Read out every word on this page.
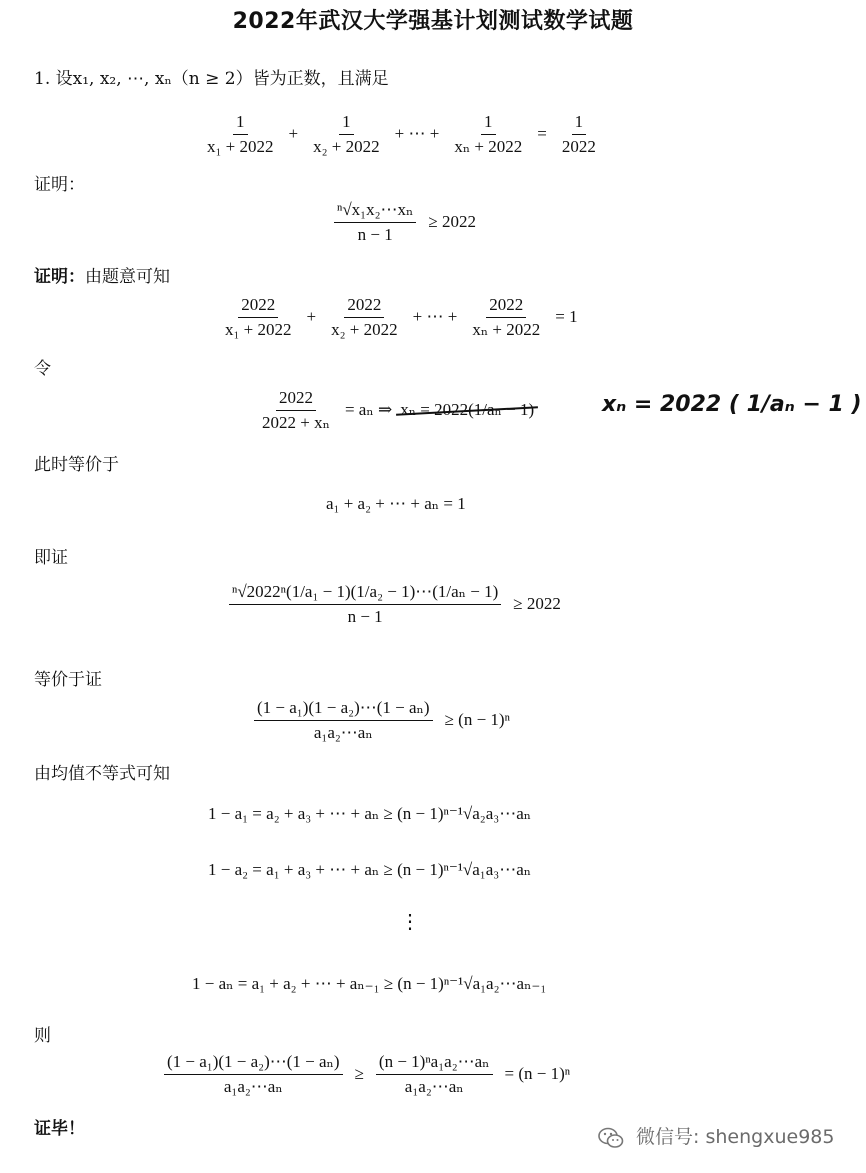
2022年武汉大学强基计划测试数学试题
1. 设x₁, x₂, ⋯, xₙ（n ≥ 2）皆为正数，且满足
$\frac{1}{\text{x₁ + 2022}} + \frac{1}{\text{x₂ + 2022}}$ + ⋯ + $\frac{1}{\text{xₙ + 2022}} = \frac{1}{2022}$
证明：
$\frac{\text{ⁿ√x₁x₂⋯xₙ}}{n - 1} \ge 2022$
证明： 由题意可知
$\frac{2022}{\text{x₁ + 2022}} + \frac{2022}{\text{x₂ + 2022}}$ + ⋯ + $\frac{2022}{\text{xₙ + 2022}} = 1$
令
$\frac{2022}{\text{2022 + xₙ}} = a_n$ ⇒ xₙ = 2022(1/aₙ − 1)	xₙ = 2022 ( 1/aₙ − 1 )
此时等价于
a₁ + a₂ + ⋯ + aₙ = 1
即证
$\frac{\text{ⁿ√2022ⁿ(1/a₁ − 1)(1/a₂ − 1)⋯(1/aₙ − 1)}}{n - 1} \ge 2022$
等价于证
$\frac{\text{(1 − a₁)(1 − a₂)⋯(1 − aₙ)}}{\text{a₁a₂⋯aₙ}} \ge (n - 1)^n$
由均值不等式可知
1 − a₁ = a₂ + a₃ + ⋯ + aₙ ≥ (n − 1)ⁿ⁻¹√a₂a₃⋯aₙ
1 − a₂ = a₁ + a₃ + ⋯ + aₙ ≥ (n − 1)ⁿ⁻¹√a₁a₃⋯aₙ
⋮
1 − aₙ = a₁ + a₂ + ⋯ + aₙ₋₁ ≥ (n − 1)ⁿ⁻¹√a₁a₂⋯aₙ₋₁
则
$\frac{\text{(1 − a₁)(1 − a₂)⋯(1 − aₙ)}}{\text{a₁a₂⋯aₙ}} \ge \frac{\text{(n − 1)ⁿa₁a₂⋯aₙ}}{\text{a₁a₂⋯aₙ}} = (n - 1)^n$
证毕！	微信号: shengxue985
